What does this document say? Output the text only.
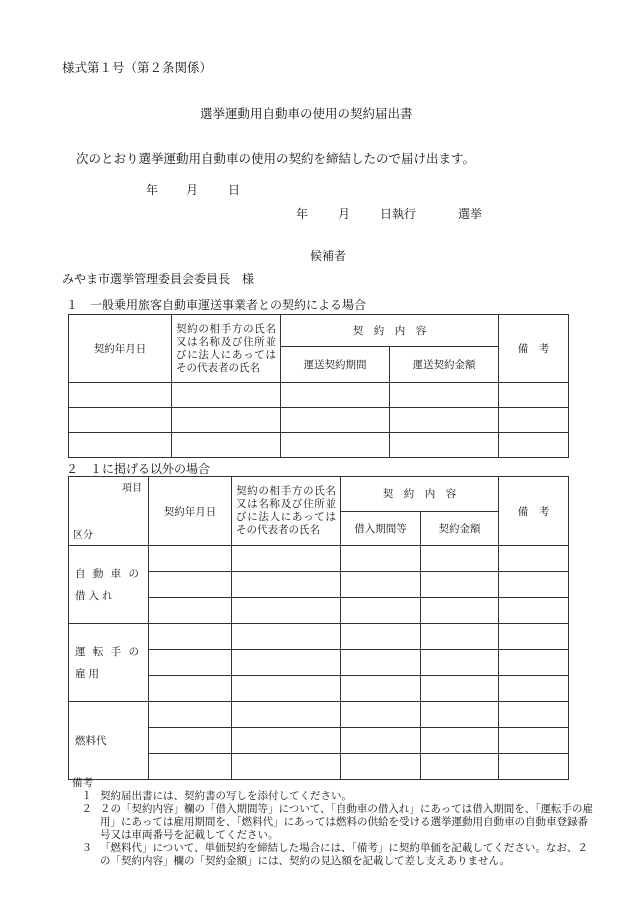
様式第１号（第２条関係）
選挙運動用自動車の使用の契約届出書
次のとおり選挙運動用自動車の使用の契約を締結したので届け出ます。
年 月 日
年 月 日執行	選挙
候補者
みやま市選挙管理委員会委員長　様
１　一般乗用旅客自動車運送事業者との契約による場合
契約年月日	契約の相手方の氏名又は名称及び住所並びに法人にあってはその代表者の氏名	契　約　内　容		備　考
		運送契約期間	運送契約金額	

２　１に掲げる以外の場合
項目
区分	契約年月日	契約の相手方の氏名又は名称及び住所並びに法人にあってはその代表者の氏名	契　約　内　容		備　考
			借入期間等	契約金額	
自動車の借入れ					

運転手の雇用					

燃料代					

備考
１ 契約届出書には、契約書の写しを添付してください。
２ ２の「契約内容」欄の「借入期間等」について、「自動車の借入れ」にあっては借入期間を、「運転手の雇用」にあっては雇用期間を、「燃料代」にあっては燃料の供給を受ける選挙運動用自動車の自動車登録番号又は車両番号を記載してください。
３ 「燃料代」について、単価契約を締結した場合には、「備考」に契約単価を記載してください。なお、２の「契約内容」欄の「契約金額」には、契約の見込額を記載して差し支えありません。
